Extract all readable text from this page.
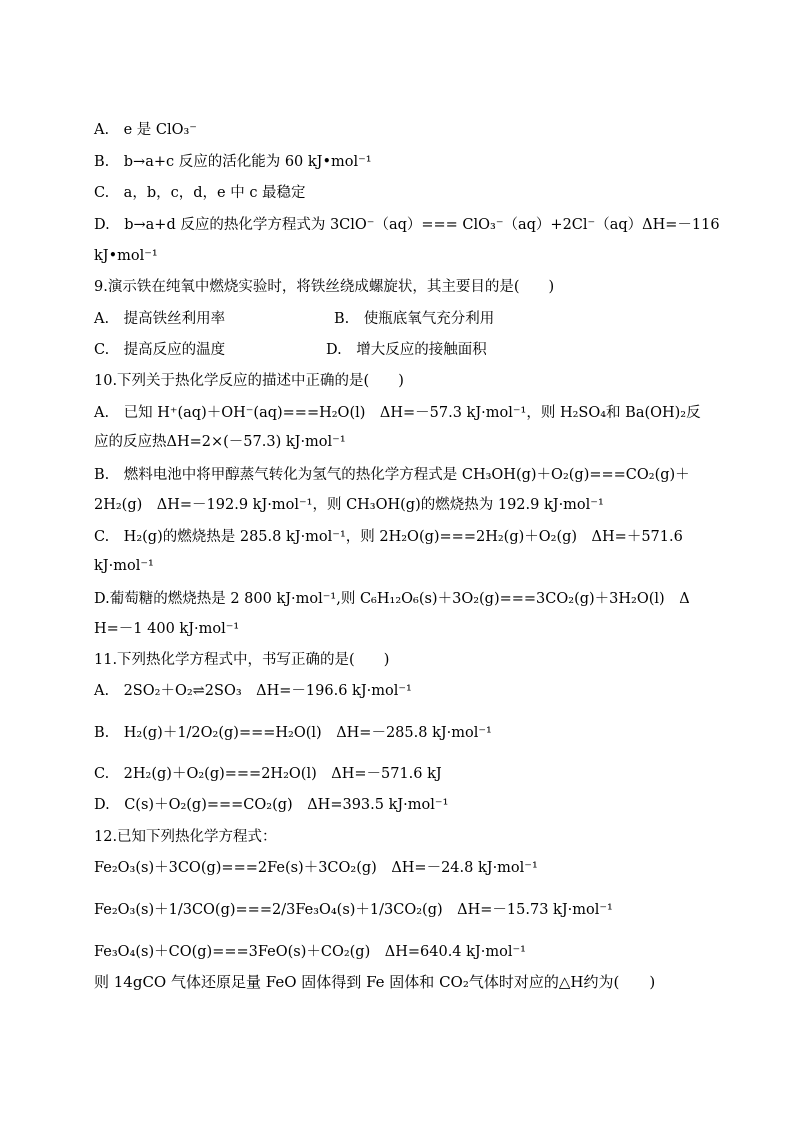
A.　e 是 ClO₃⁻
B.　b→a+c 反应的活化能为 60 kJ•mol⁻¹
C.　a，b，c，d，e 中 c 最稳定
D.　b→a+d 反应的热化学方程式为 3ClO⁻（aq）=== ClO₃⁻（aq）+2Cl⁻（aq）ΔH=－116
kJ•mol⁻¹
9.演示铁在纯氧中燃烧实验时，将铁丝绕成螺旋状，其主要目的是(　　)
A.　提高铁丝利用率	B.　使瓶底氧气充分利用
C.　提高反应的温度	D.　增大反应的接触面积
10.下列关于热化学反应的描述中正确的是(　　)
A.　已知 H⁺(aq)＋OH⁻(aq)===H₂O(l)　ΔH=－57.3 kJ·mol⁻¹，则 H₂SO₄和 Ba(OH)₂反
应的反应热ΔH=2×(－57.3) kJ·mol⁻¹
B.　燃料电池中将甲醇蒸气转化为氢气的热化学方程式是 CH₃OH(g)＋O₂(g)===CO₂(g)＋
2H₂(g)　ΔH=－192.9 kJ·mol⁻¹，则 CH₃OH(g)的燃烧热为 192.9 kJ·mol⁻¹
C.　H₂(g)的燃烧热是 285.8 kJ·mol⁻¹，则 2H₂O(g)===2H₂(g)＋O₂(g)　ΔH=＋571.6
kJ·mol⁻¹
D.葡萄糖的燃烧热是 2 800 kJ·mol⁻¹,则 C₆H₁₂O₆(s)＋3O₂(g)===3CO₂(g)＋3H₂O(l)　Δ
H=－1 400 kJ·mol⁻¹
11.下列热化学方程式中，书写正确的是(　　)
A.　2SO₂＋O₂⇌2SO₃　ΔH=－196.6 kJ·mol⁻¹
B.　H₂(g)＋1/2O₂(g)===H₂O(l)　ΔH=－285.8 kJ·mol⁻¹
C.　2H₂(g)＋O₂(g)===2H₂O(l)　ΔH=－571.6 kJ
D.　C(s)＋O₂(g)===CO₂(g)　ΔH=393.5 kJ·mol⁻¹
12.已知下列热化学方程式：
Fe₂O₃(s)＋3CO(g)===2Fe(s)＋3CO₂(g)　ΔH=－24.8 kJ·mol⁻¹
Fe₂O₃(s)＋1/3CO(g)===2/3Fe₃O₄(s)＋1/3CO₂(g)　ΔH=－15.73 kJ·mol⁻¹
Fe₃O₄(s)＋CO(g)===3FeO(s)＋CO₂(g)　ΔH=640.4 kJ·mol⁻¹
则 14gCO 气体还原足量 FeO 固体得到 Fe 固体和 CO₂气体时对应的△H约为(　　)
